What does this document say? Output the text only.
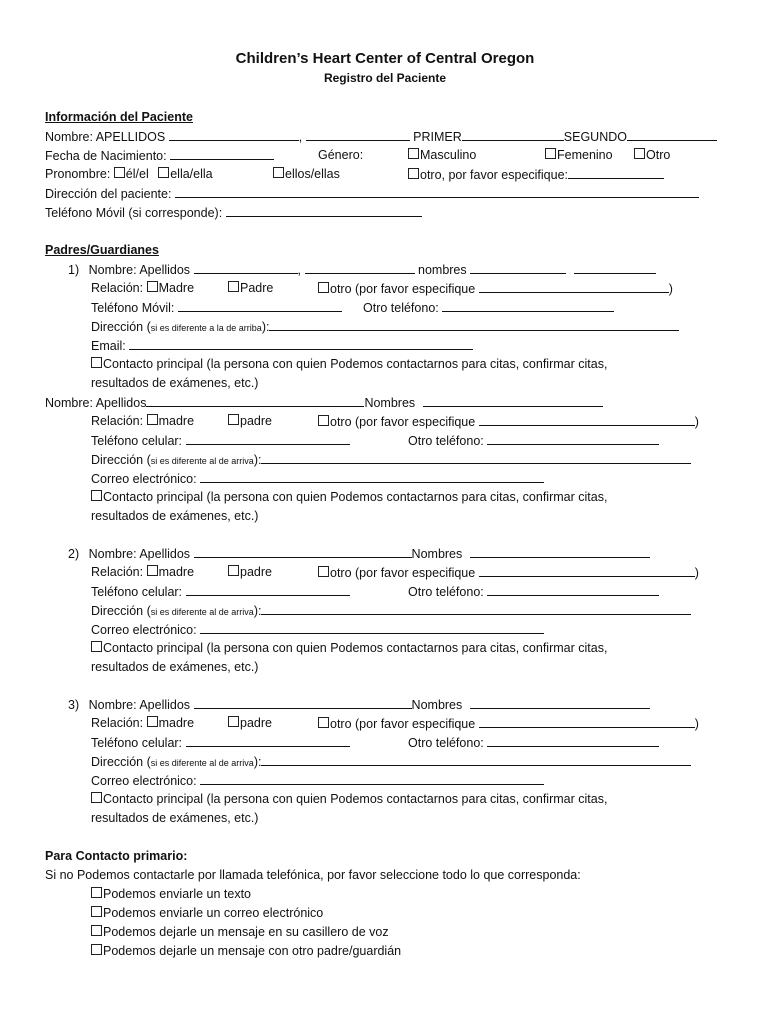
Children’s Heart Center of Central Oregon
Registro del Paciente
Información del Paciente
Nombre: APELLIDOS	,	PRIMER	SEGUNDO
Fecha de Nacimiento:	Género:	Masculino	Femenino	Otro
Pronombre: él/el ella/ella	ellos/ellas	otro, por favor especifique:
Dirección del paciente:
Teléfono Móvil (si corresponde):
Padres/Guardianes
1) Nombre: Apellidos	,	nombres
Relación: Madre	Padre	otro (por favor especifique	)
Teléfono Móvil:	Otro teléfono:
Dirección (si es diferente a la de arriba):
Email:
Contacto principal (la persona con quien Podemos contactarnos para citas, confirmar citas,
resultados de exámenes, etc.)
Nombre: Apellidos	Nombres
Relación: madre	padre	otro (por favor especifique	)
Teléfono celular:	Otro teléfono:
Dirección (si es diferente al de arriva):
Correo electrónico:
Contacto principal (la persona con quien Podemos contactarnos para citas, confirmar citas,
resultados de exámenes, etc.)
2) Nombre: Apellidos	Nombres
Relación: madre	padre	otro (por favor especifique	)
Teléfono celular:	Otro teléfono:
Dirección (si es diferente al de arriva):
Correo electrónico:
Contacto principal (la persona con quien Podemos contactarnos para citas, confirmar citas,
resultados de exámenes, etc.)
3) Nombre: Apellidos	Nombres
Relación: madre	padre	otro (por favor especifique	)
Teléfono celular:	Otro teléfono:
Dirección (si es diferente al de arriva):
Correo electrónico:
Contacto principal (la persona con quien Podemos contactarnos para citas, confirmar citas,
resultados de exámenes, etc.)
Para Contacto primario:
Si no Podemos contactarle por llamada telefónica, por favor seleccione todo lo que corresponda:
Podemos enviarle un texto
Podemos enviarle un correo electrónico
Podemos dejarle un mensaje en su casillero de voz
Podemos dejarle un mensaje con otro padre/guardián
